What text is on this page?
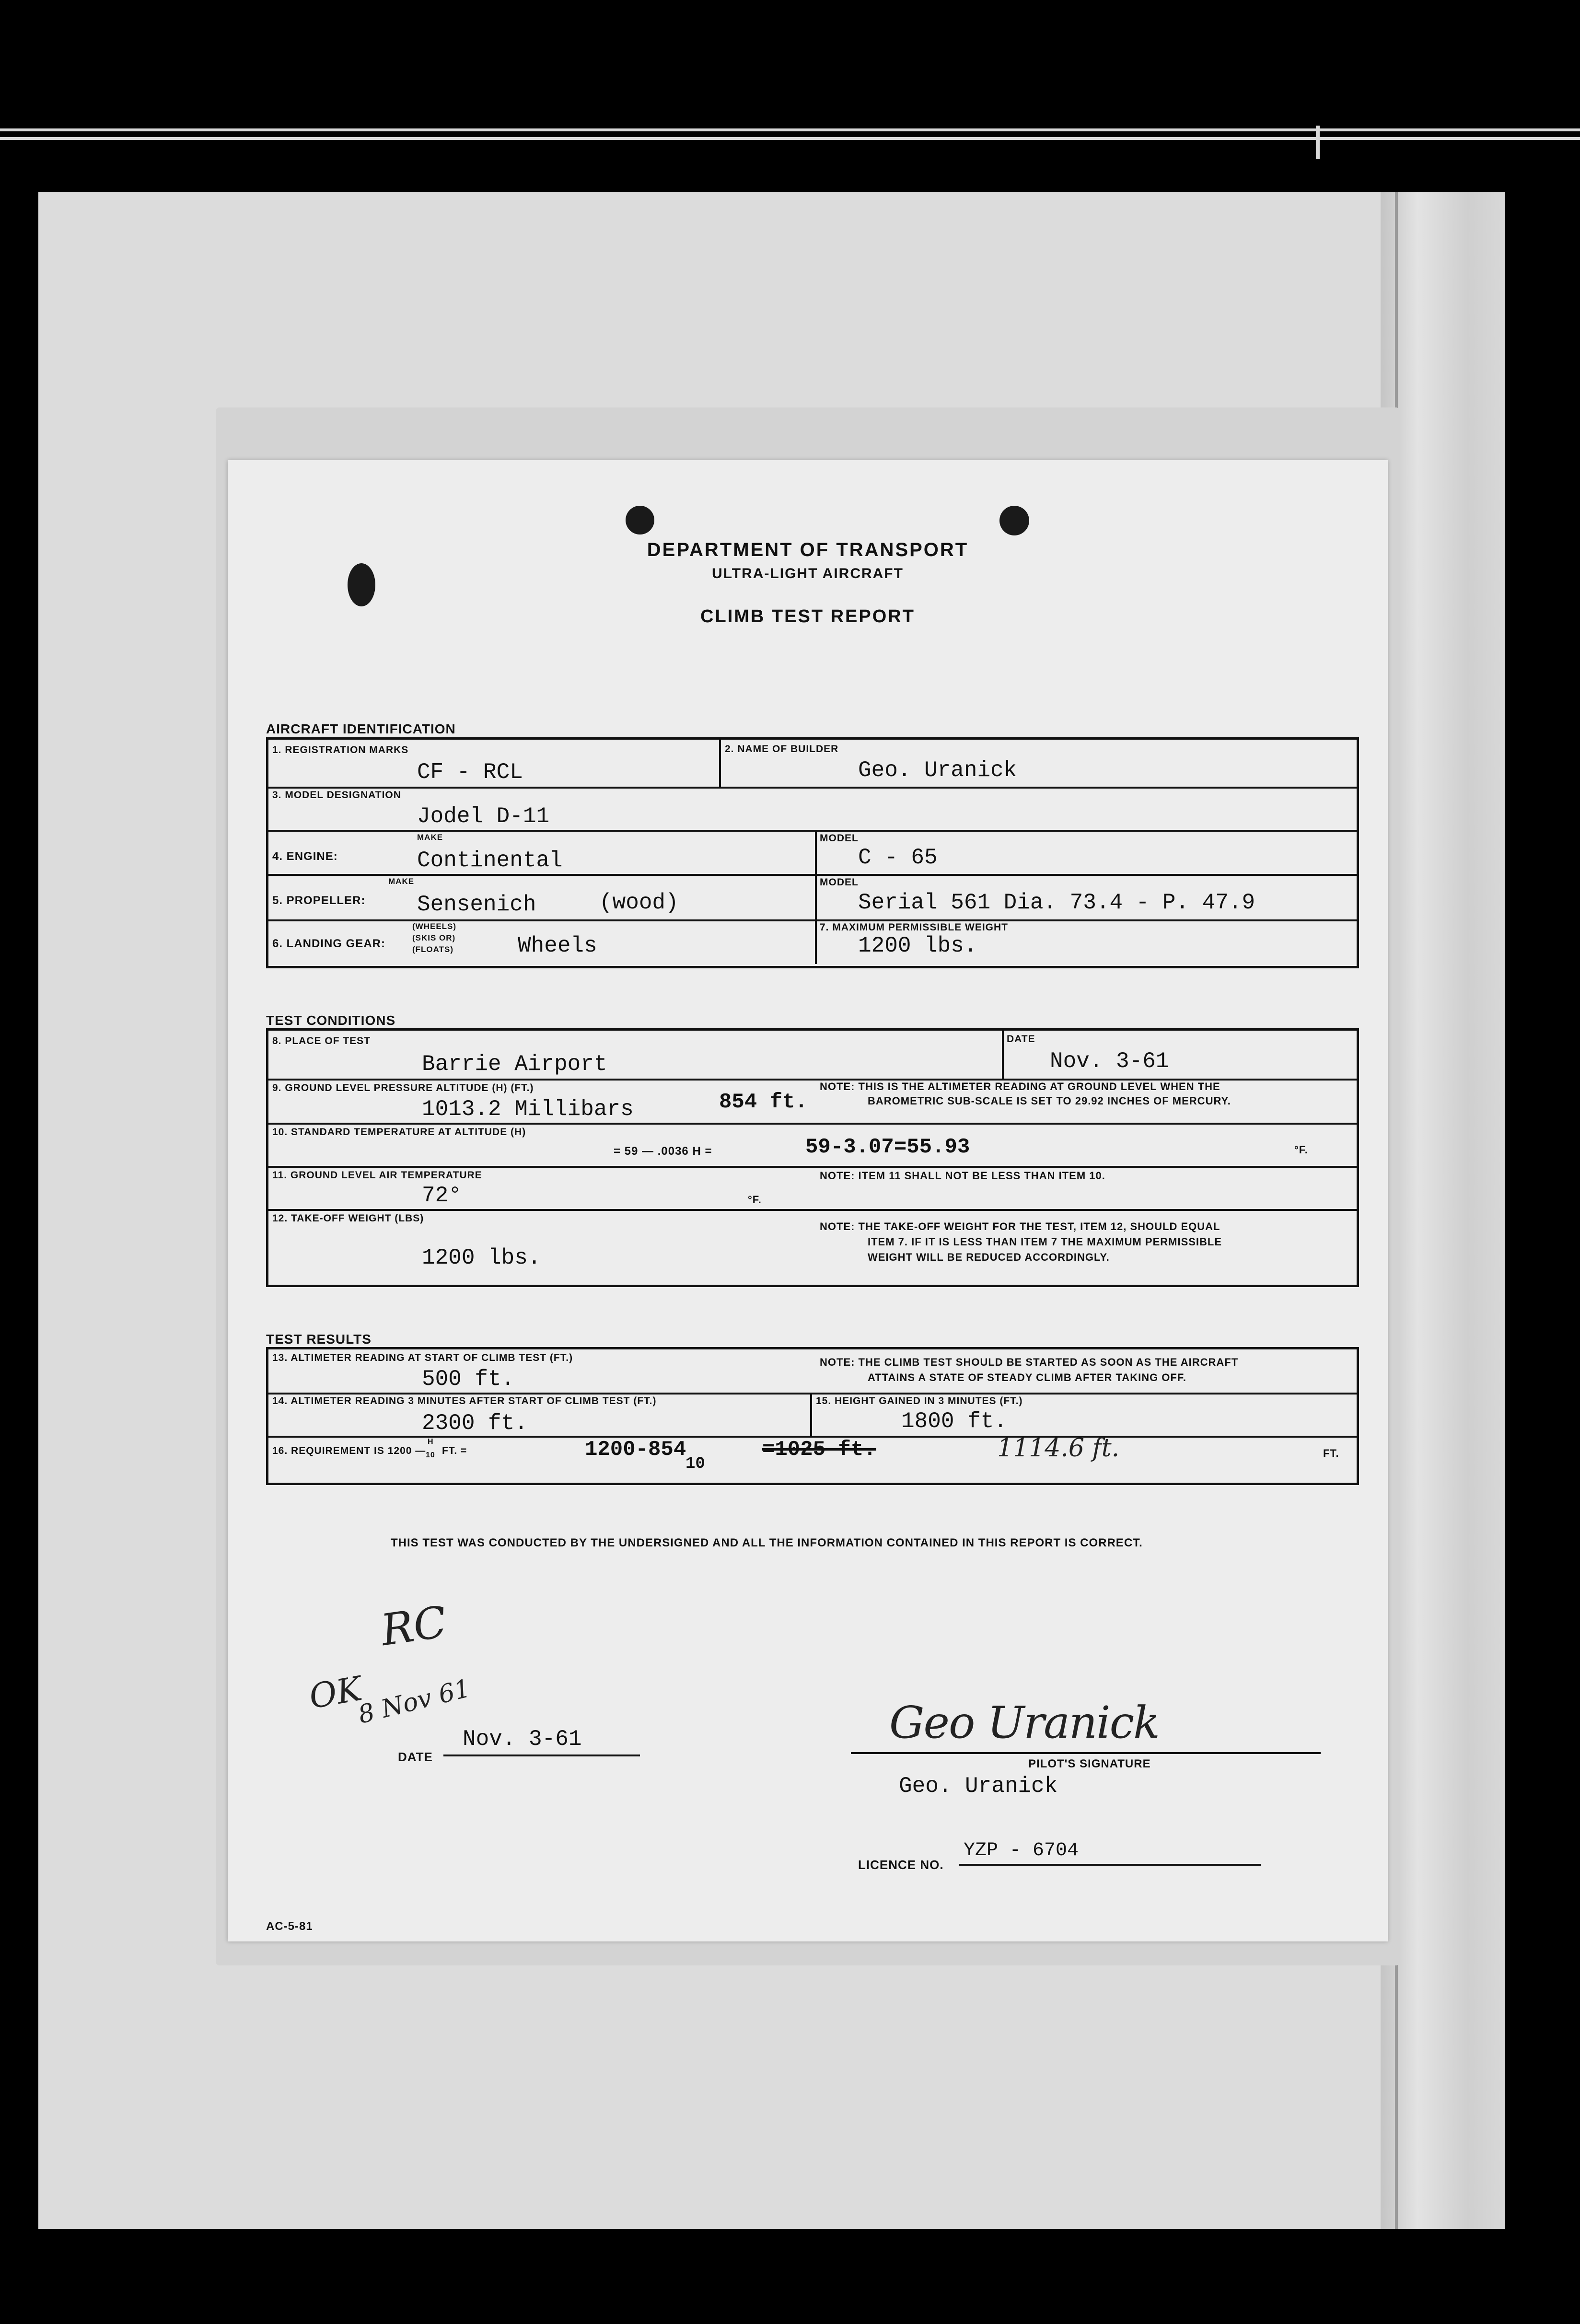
DEPARTMENT OF TRANSPORT
ULTRA-LIGHT AIRCRAFT
CLIMB TEST REPORT
AIRCRAFT IDENTIFICATION
1. REGISTRATION MARKS
CF - RCL
2. NAME OF BUILDER
Geo. Uranick
3. MODEL DESIGNATION
Jodel D-11
4. ENGINE:
MAKE
Continental
MODEL
C - 65
5. PROPELLER:
MAKE
Sensenich	(wood)
MODEL
Serial 561 Dia. 73.4 - P. 47.9
6. LANDING GEAR:
(WHEELS)
(SKIS OR)
(FLOATS)	Wheels
7. MAXIMUM PERMISSIBLE WEIGHT
1200 lbs.
TEST CONDITIONS
8. PLACE OF TEST
Barrie Airport
DATE
Nov. 3-61
9. GROUND LEVEL PRESSURE ALTITUDE (H) (FT.)
1013.2 Millibars	854 ft.
NOTE: THIS IS THE ALTIMETER READING AT GROUND LEVEL WHEN THE
BAROMETRIC SUB-SCALE IS SET TO 29.92 INCHES OF MERCURY.
10. STANDARD TEMPERATURE AT ALTITUDE (H)
= 59 — .0036 H =	59-3.07=55.93	°F.
11. GROUND LEVEL AIR TEMPERATURE
72°	°F.
NOTE: ITEM 11 SHALL NOT BE LESS THAN ITEM 10.
12. TAKE-OFF WEIGHT (LBS)
1200 lbs.
NOTE: THE TAKE-OFF WEIGHT FOR THE TEST, ITEM 12, SHOULD EQUAL
ITEM 7. IF IT IS LESS THAN ITEM 7 THE MAXIMUM PERMISSIBLE
WEIGHT WILL BE REDUCED ACCORDINGLY.
TEST RESULTS
13. ALTIMETER READING AT START OF CLIMB TEST (FT.)
500 ft.
NOTE: THE CLIMB TEST SHOULD BE STARTED AS SOON AS THE AIRCRAFT
ATTAINS A STATE OF STEADY CLIMB AFTER TAKING OFF.
14. ALTIMETER READING 3 MINUTES AFTER START OF CLIMB TEST (FT.)
2300 ft.
15. HEIGHT GAINED IN 3 MINUTES (FT.)
1800 ft.
16. REQUIREMENT IS 1200 —
H
10 FT. =	1200-854
10
=1025 ft.	1114.6 ft.	FT.
THIS TEST WAS CONDUCTED BY THE UNDERSIGNED AND ALL THE INFORMATION CONTAINED IN THIS REPORT IS CORRECT.
OK
RC
8 Nov 61
DATE
Nov. 3-61	Geo Uranick
PILOT'S SIGNATURE
Geo. Uranick
LICENCE NO.
YZP - 6704
AC-5-81
